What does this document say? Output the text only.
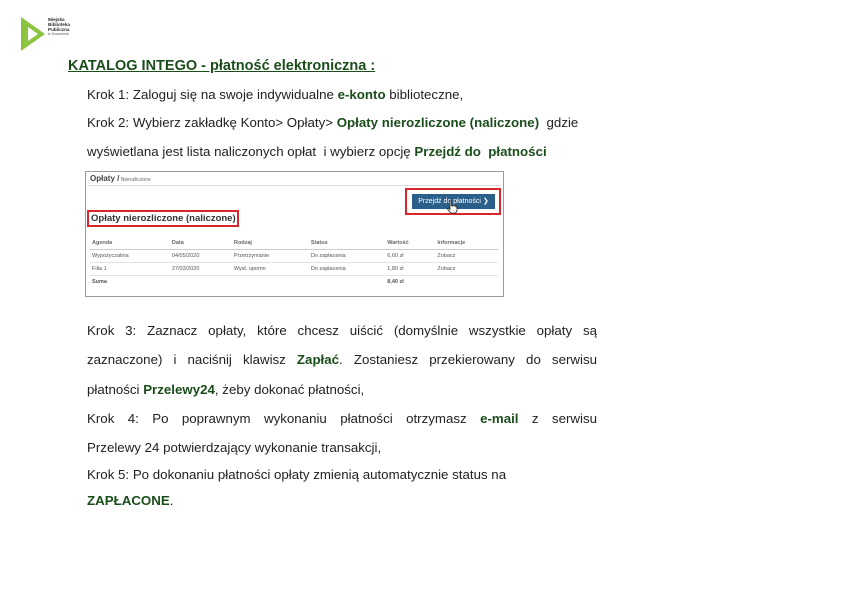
Miejska
Biblioteka
Publiczna
w Szczecinie
KATALOG INTEGO - płatność elektroniczna :
Krok 1: Zaloguj się na swoje indywidualne e-konto biblioteczne,
Krok 2: Wybierz zakładkę Konto> Opłaty> Opłaty nierozliczone (naliczone)  gdzie
wyświetlana jest lista naliczonych opłat  i wybierz opcję Przejdź do  płatności
Opłaty / Nierozliczone
Przejdź do płatności ❯
Opłaty nierozliczone (naliczone)
Agenda	Data	Rodzaj	Status	Wartość	Informacje
Wypożyczalnia	04/05/2020	Przetrzymanie	Do zapłacenia	6,60 zł	Zobacz
Filia 1	27/03/2020	Wysł. upomn	Do zapłacenia	1,80 zł	Zobacz
Suma				8,40 zł	
Krok 3: Zaznacz opłaty, które chcesz uiścić (domyślnie wszystkie opłaty są
zaznaczone) i naciśnij klawisz Zapłać. Zostaniesz przekierowany do serwisu
płatności Przelewy24, żeby dokonać płatności,
Krok 4: Po poprawnym wykonaniu płatności otrzymasz e-mail z serwisu
Przelewy 24 potwierdzający wykonanie transakcji,
Krok 5: Po dokonaniu płatności opłaty zmienią automatycznie status na
ZAPŁACONE.
